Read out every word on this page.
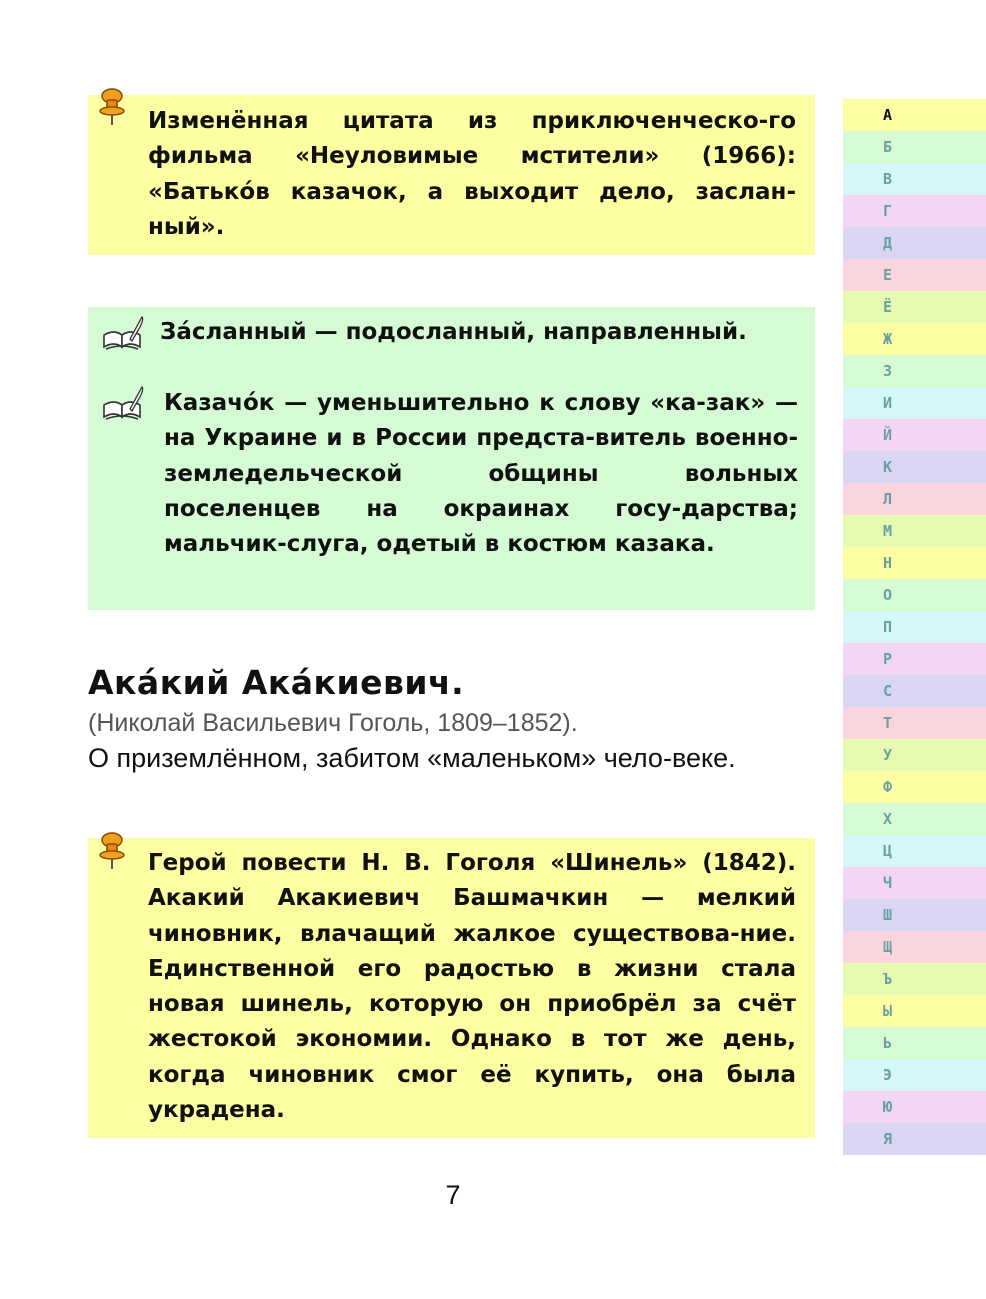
Изменённая цитата из приключенческо-го фильма «Неуловимые мстители» (1966): «Батько́в казачок, а выходит дело, заслан-ный».

За́сланный — подосланный, направленный.

Казачо́к — уменьшительно к слову «ка-зак» — на Украине и в России предста-витель военно-земледельческой общины вольных поселенцев на окраинах госу-дарства; мальчик-слуга, одетый в костюм казака.

Ака́кий Ака́киевич.

(Николай Васильевич Гоголь, 1809–1852).

О приземлённом, забитом «маленьком» чело-веке.

Герой повести Н. В. Гоголя «Шинель» (1842). Акакий Акакиевич Башмачкин — мелкий чиновник, влачащий жалкое существова-ние. Единственной его радостью в жизни стала новая шинель, которую он приобрёл за счёт жестокой экономии. Однако в тот же день, когда чиновник смог её купить, она была украдена.

7
А
Б
В
Г
Д
Е
Ё
Ж
З
И
Й
К
Л
М
Н
О
П
Р
С
Т
У
Ф
Х
Ц
Ч
Ш
Щ
Ъ
Ы
Ь
Э
Ю
Я
